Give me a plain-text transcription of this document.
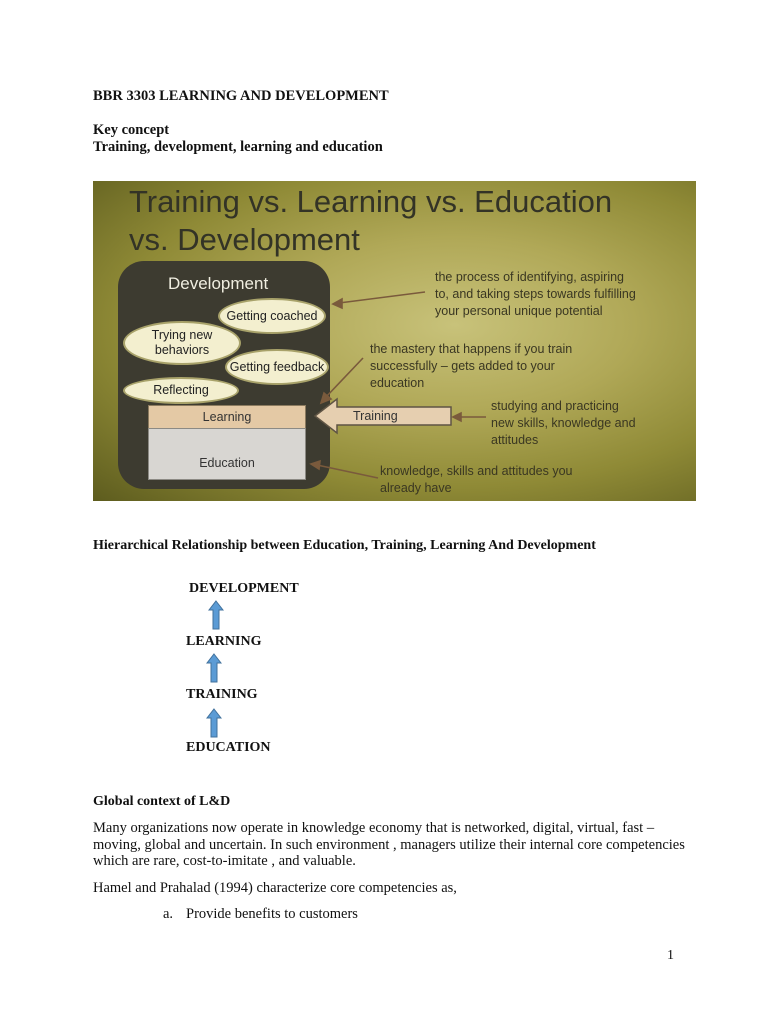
BBR 3303 LEARNING AND DEVELOPMENT
Key concept
Training, development, learning and education
Training vs. Learning vs. Education
vs. Development
Development
Getting coached
Trying new behaviors
Getting feedback
Reflecting
Learning
Education
Training
the process of identifying, aspiring to, and taking steps towards fulfilling your personal unique potential
the mastery that happens if you train successfully – gets added to your education
studying and practicing new skills, knowledge and attitudes
knowledge, skills and attitudes you already have
Hierarchical Relationship between Education, Training, Learning And Development
DEVELOPMENT
LEARNING
TRAINING
EDUCATION
Global context of L&D
Many organizations now operate in knowledge economy that is networked, digital, virtual, fast –moving, global and uncertain. In such environment , managers utilize their internal core competencies which are rare, cost-to-imitate , and valuable.
Hamel and Prahalad (1994) characterize core competencies as,
a. Provide benefits to customers
1
